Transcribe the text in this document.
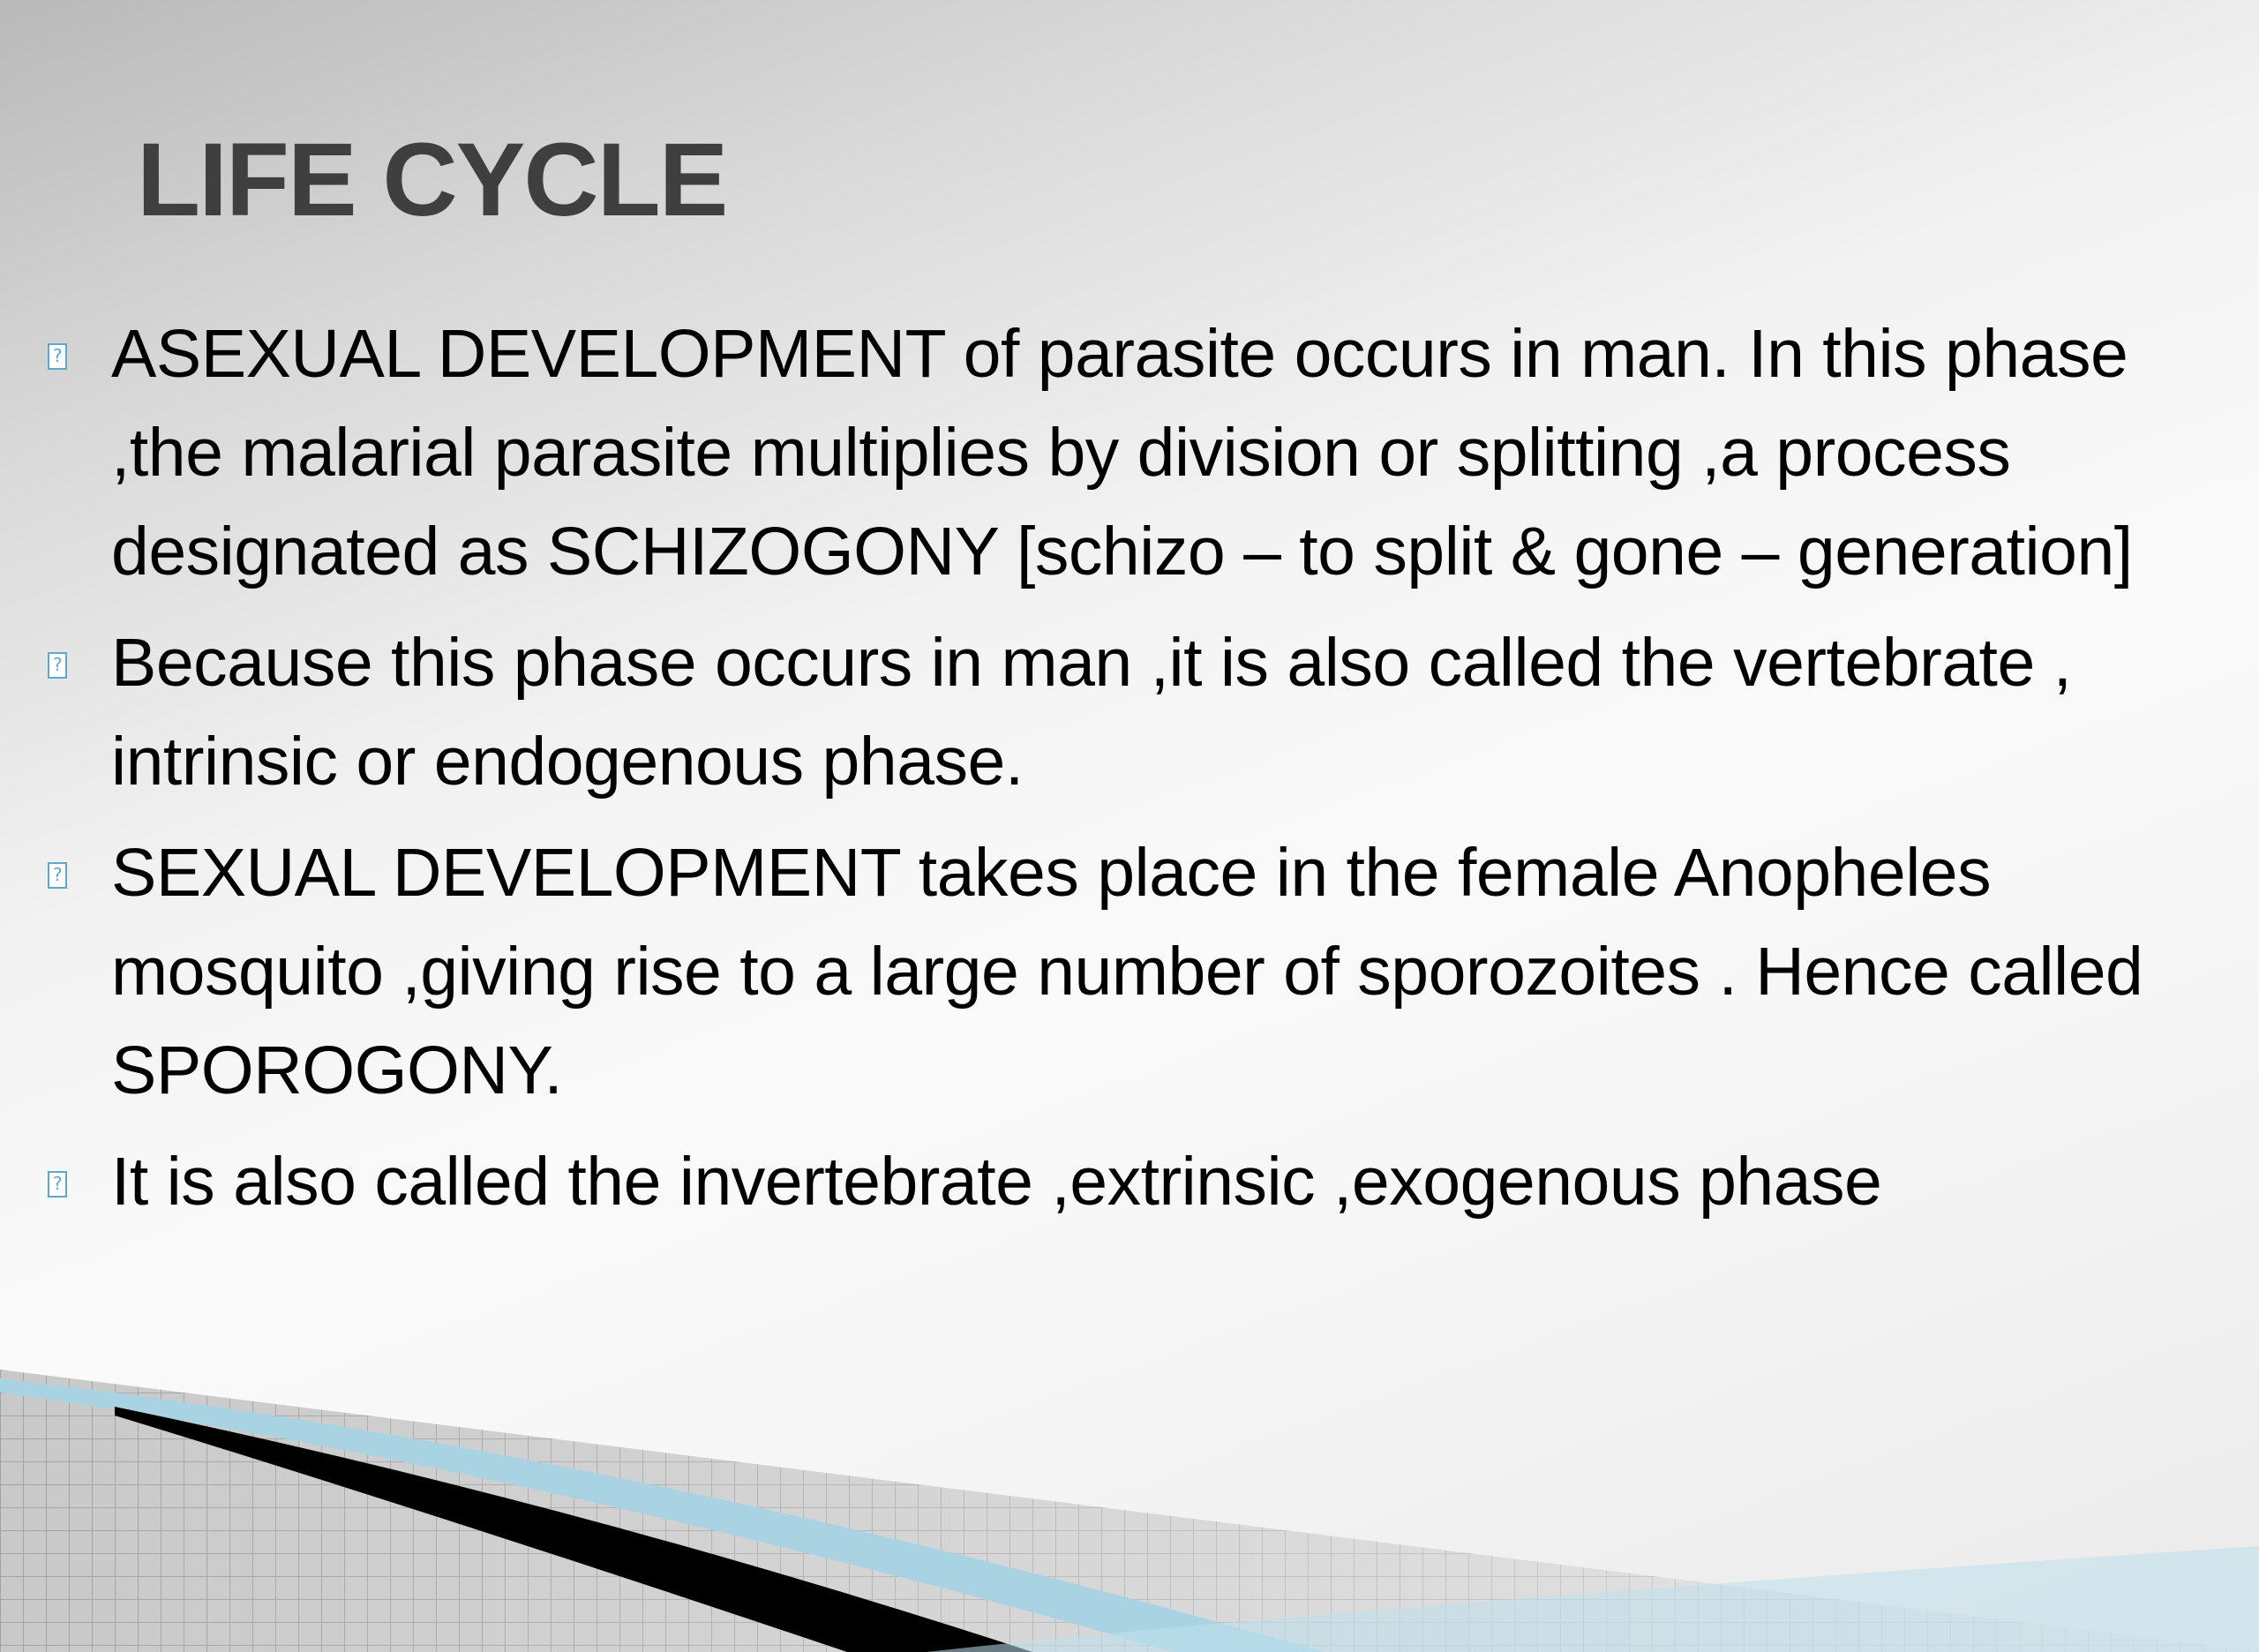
LIFE CYCLE
?
ASEXUAL DEVELOPMENT of parasite occurs in man. In this phase ,the malarial parasite multiplies by division or splitting ,a process designated as SCHIZOGONY [schizo – to split & gone – generation]
?
Because this phase occurs in man ,it is also called the vertebrate , intrinsic or endogenous phase.
?
SEXUAL DEVELOPMENT takes place in the female Anopheles mosquito ,giving rise to a large number of sporozoites . Hence called SPOROGONY.
?
It is also called the invertebrate ,extrinsic ,exogenous phase
